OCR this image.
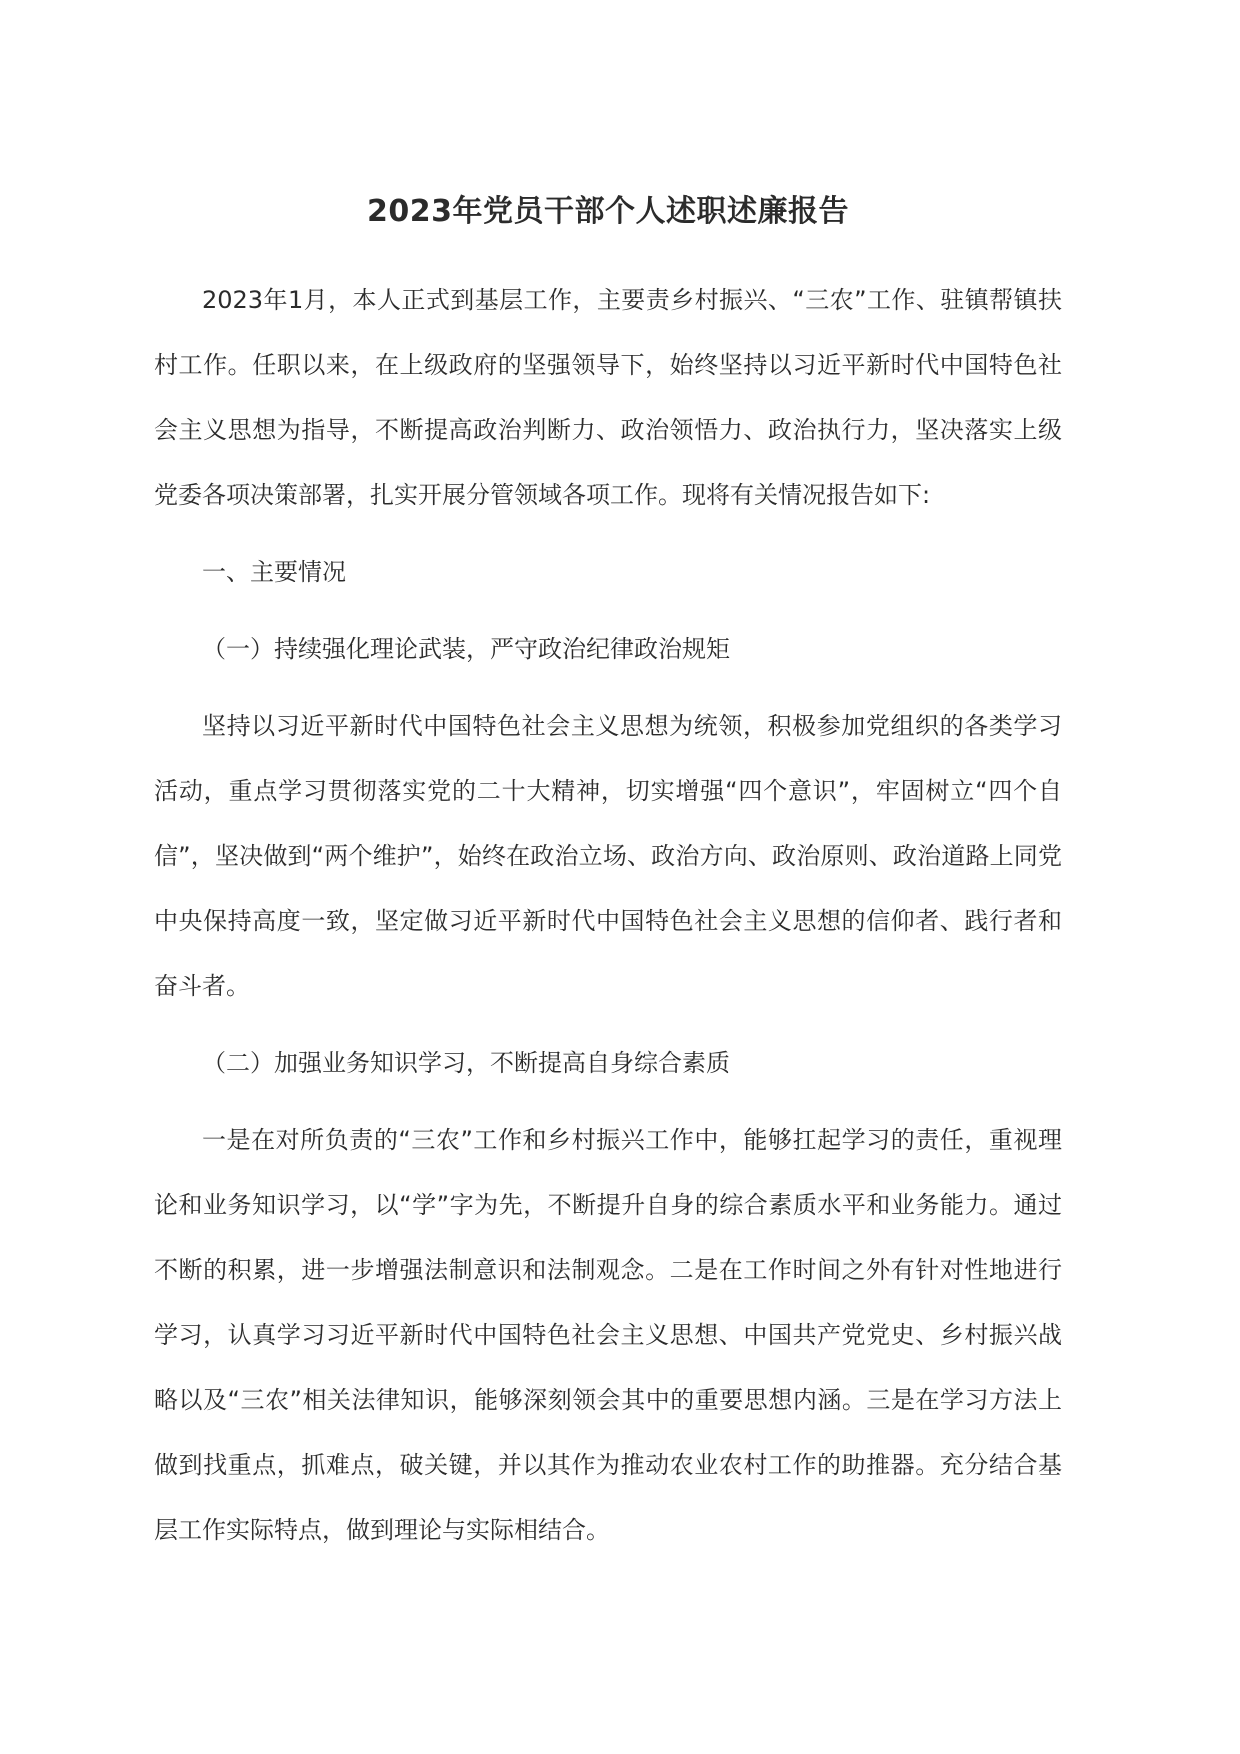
2023年党员干部个人述职述廉报告

2023年1月，本人正式到基层工作，主要责乡村振兴、“三农”工作、驻镇帮镇扶村工作。任职以来，在上级政府的坚强领导下，始终坚持以习近平新时代中国特色社会主义思想为指导，不断提高政治判断力、政治领悟力、政治执行力，坚决落实上级党委各项决策部署，扎实开展分管领域各项工作。现将有关情况报告如下:

一、主要情况

（一）持续强化理论武装，严守政治纪律政治规矩

坚持以习近平新时代中国特色社会主义思想为统领，积极参加党组织的各类学习活动，重点学习贯彻落实党的二十大精神，切实增强“四个意识”，牢固树立“四个自信”，坚决做到“两个维护”，始终在政治立场、政治方向、政治原则、政治道路上同党中央保持高度一致，坚定做习近平新时代中国特色社会主义思想的信仰者、践行者和奋斗者。

（二）加强业务知识学习，不断提高自身综合素质

一是在对所负责的“三农”工作和乡村振兴工作中，能够扛起学习的责任，重视理论和业务知识学习，以“学”字为先，不断提升自身的综合素质水平和业务能力。通过不断的积累，进一步增强法制意识和法制观念。二是在工作时间之外有针对性地进行学习，认真学习习近平新时代中国特色社会主义思想、中国共产党党史、乡村振兴战略以及“三农”相关法律知识，能够深刻领会其中的重要思想内涵。三是在学习方法上做到找重点，抓难点，破关键，并以其作为推动农业农村工作的助推器。充分结合基层工作实际特点，做到理论与实际相结合。
